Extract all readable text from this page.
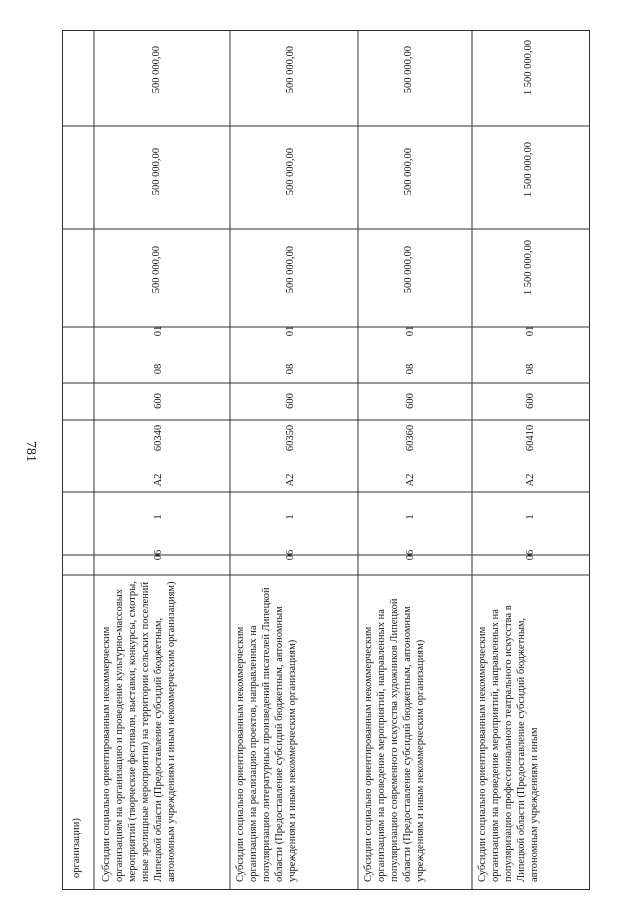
781
организации) Субсидии социально ориентированным некоммерческим организациям на организацию и проведение культурно-массовых мероприятий (творческие фестивали, выставки, конкурсы, смотры, иные зрелищные мероприятия) на территории сельских поселений Липецкой области (Предоставление субсидий бюджетным, автономным учреждениям и иным некоммерческим организациям)
06
1
A2
60340
600
08
01
500 000,00
500 000,00
500 000,00
Субсидии социально ориентированным некоммерческим организациям на реализацию проектов, направленных на популяризацию литературных произведений писателей Липецкой области (Предоставление субсидий бюджетным, автономным учреждениям и иным некоммерческим организациям)
06
1
A2
60350
600
08
01
500 000,00
500 000,00
500 000,00
Субсидии социально ориентированным некоммерческим организациям на проведение мероприятий, направленных на популяризацию современного искусства художников Липецкой области (Предоставление субсидий бюджетным, автономным учреждениям и иным некоммерческим организациям)
06
1
A2
60360
600
08
01
500 000,00
500 000,00
500 000,00
Субсидии социально ориентированным некоммерческим организациям на проведение мероприятий, направленных на популяризацию профессионального театрального искусства в Липецкой области (Предоставление субсидий бюджетным, автономным учреждениям и иным
06
1
A2
60410
600
08
01
1 500 000,00
1 500 000,00
1 500 000,00
